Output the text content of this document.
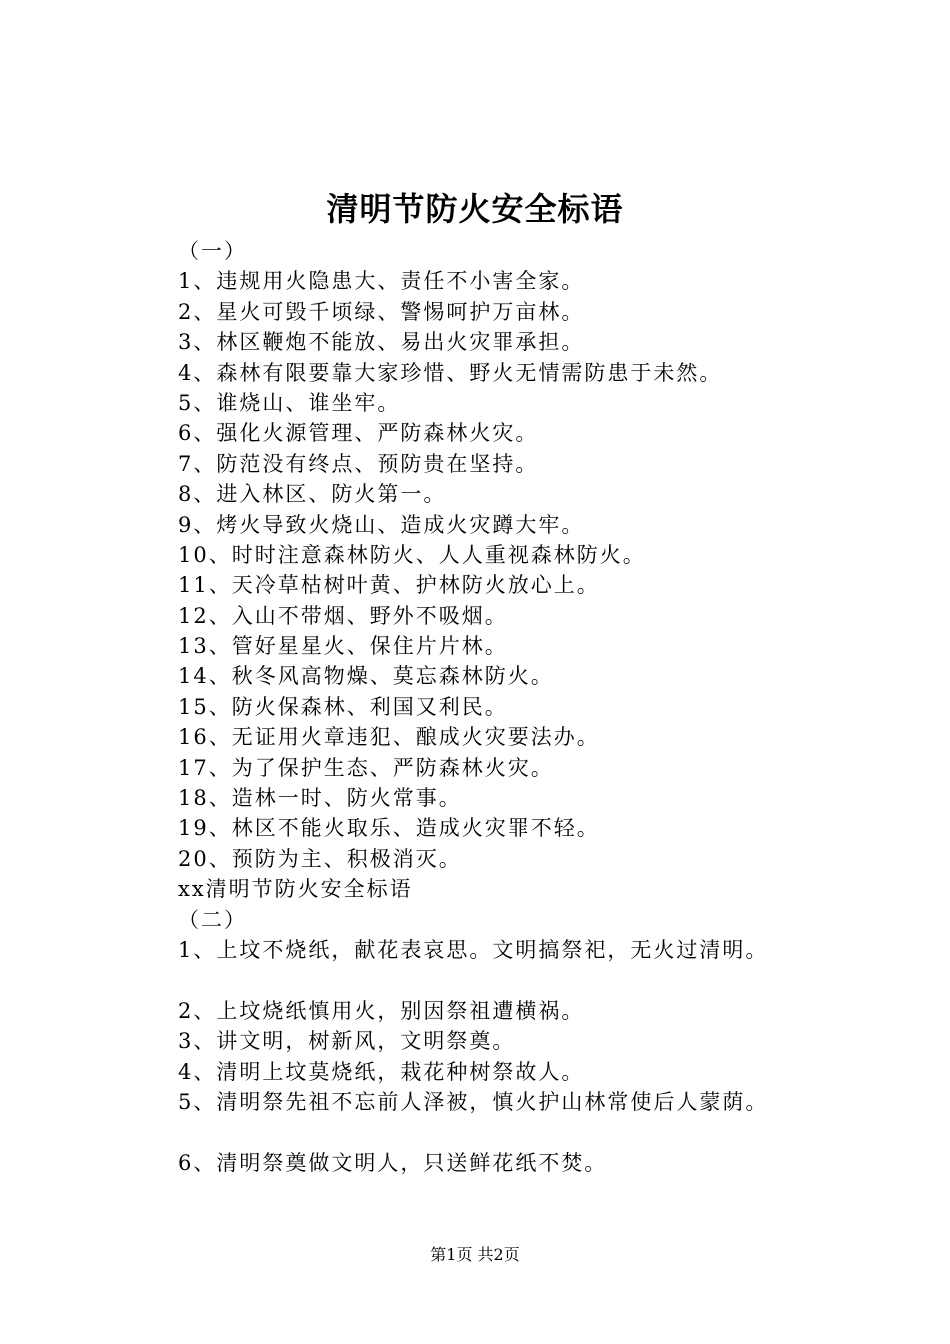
清明节防火安全标语
（一）
1、违规用火隐患大、责任不小害全家。
2、星火可毁千顷绿、警惕呵护万亩林。
3、林区鞭炮不能放、易出火灾罪承担。
4、森林有限要靠大家珍惜、野火无情需防患于未然。
5、谁烧山、谁坐牢。
6、强化火源管理、严防森林火灾。
7、防范没有终点、预防贵在坚持。
8、进入林区、防火第一。
9、烤火导致火烧山、造成火灾蹲大牢。
10、时时注意森林防火、人人重视森林防火。
11、天冷草枯树叶黄、护林防火放心上。
12、入山不带烟、野外不吸烟。
13、管好星星火、保住片片林。
14、秋冬风高物燥、莫忘森林防火。
15、防火保森林、利国又利民。
16、无证用火章违犯、酿成火灾要法办。
17、为了保护生态、严防森林火灾。
18、造林一时、防火常事。
19、林区不能火取乐、造成火灾罪不轻。
20、预防为主、积极消灭。
xx清明节防火安全标语
（二）
1、上坟不烧纸，献花表哀思。文明搞祭祀，无火过清明。
2、上坟烧纸慎用火，别因祭祖遭横祸。
3、讲文明，树新风，文明祭奠。
4、清明上坟莫烧纸，栽花种树祭故人。
5、清明祭先祖不忘前人泽被，慎火护山林常使后人蒙荫。
6、清明祭奠做文明人，只送鲜花纸不焚。
第1页 共2页
